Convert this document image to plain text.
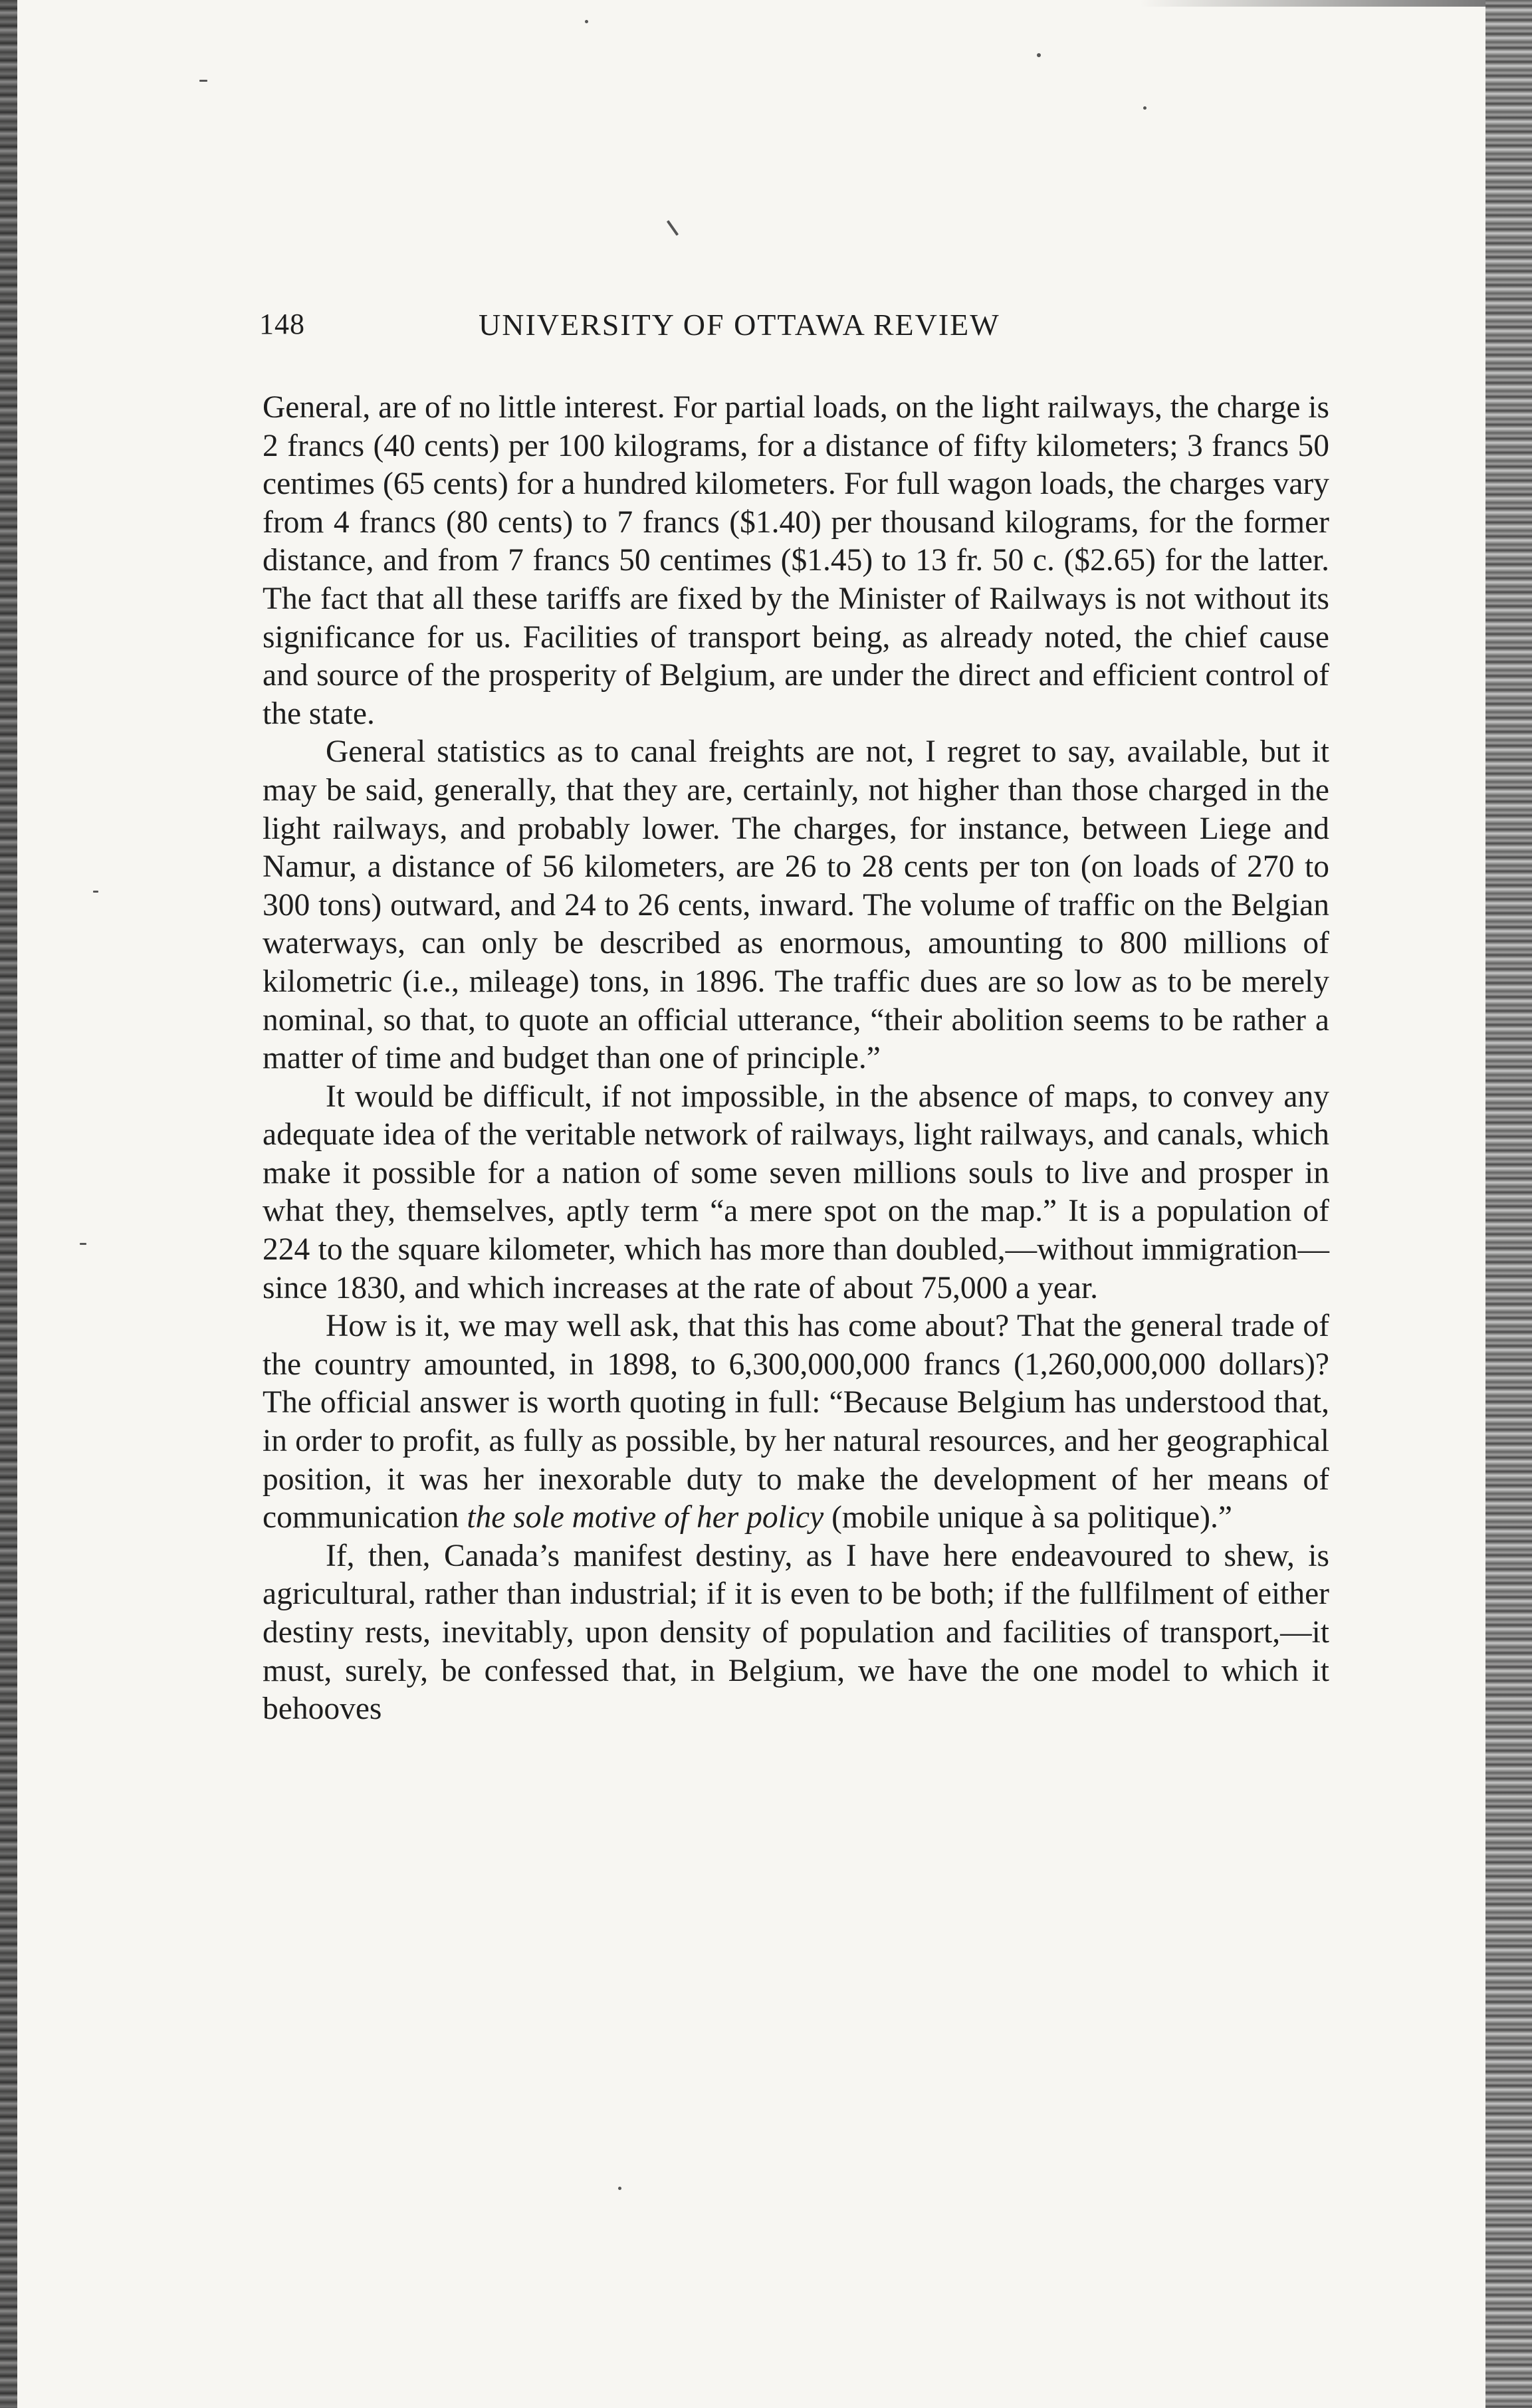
148	UNIVERSITY OF OTTAWA REVIEW

General, are of no little interest. For partial loads, on the light railways, the charge is 2 francs (40 cents) per 100 kilograms, for a distance of fifty kilometers; 3 francs 50 centimes (65 cents) for a hundred kilometers. For full wagon loads, the charges vary from 4 francs (80 cents) to 7 francs ($1.40) per thousand kilograms, for the former distance, and from 7 francs 50 centimes ($1.45) to 13 fr. 50 c. ($2.65) for the latter. The fact that all these tariffs are fixed by the Minister of Railways is not without its significance for us. Facilities of transport being, as already noted, the chief cause and source of the prosperity of Belgium, are under the direct and efficient control of the state.

General statistics as to canal freights are not, I regret to say, available, but it may be said, generally, that they are, certainly, not higher than those charged in the light railways, and probably lower. The charges, for instance, between Liege and Namur, a distance of 56 kilometers, are 26 to 28 cents per ton (on loads of 270 to 300 tons) outward, and 24 to 26 cents, inward. The volume of traffic on the Belgian waterways, can only be described as enormous, amounting to 800 millions of kilometric (i.e., mileage) tons, in 1896. The traffic dues are so low as to be merely nominal, so that, to quote an official utterance, “their abolition seems to be rather a matter of time and budget than one of principle.”

It would be difficult, if not impossible, in the absence of maps, to convey any adequate idea of the veritable network of railways, light railways, and canals, which make it possible for a nation of some seven millions souls to live and prosper in what they, themselves, aptly term “a mere spot on the map.” It is a population of 224 to the square kilometer, which has more than doubled,—without immigration—since 1830, and which increases at the rate of about 75,000 a year.

How is it, we may well ask, that this has come about? That the general trade of the country amounted, in 1898, to 6,300,000,000 francs (1,260,000,000 dollars)? The official answer is worth quoting in full: “Because Belgium has understood that, in order to profit, as fully as possible, by her natural resources, and her geographical position, it was her inexorable duty to make the development of her means of communication the sole motive of her policy (mobile unique à sa politique).”

If, then, Canada’s manifest destiny, as I have here endeavoured to shew, is agricultural, rather than industrial; if it is even to be both; if the fullfilment of either destiny rests, inevitably, upon density of population and facilities of transport,—it must, surely, be confessed that, in Belgium, we have the one model to which it behooves
